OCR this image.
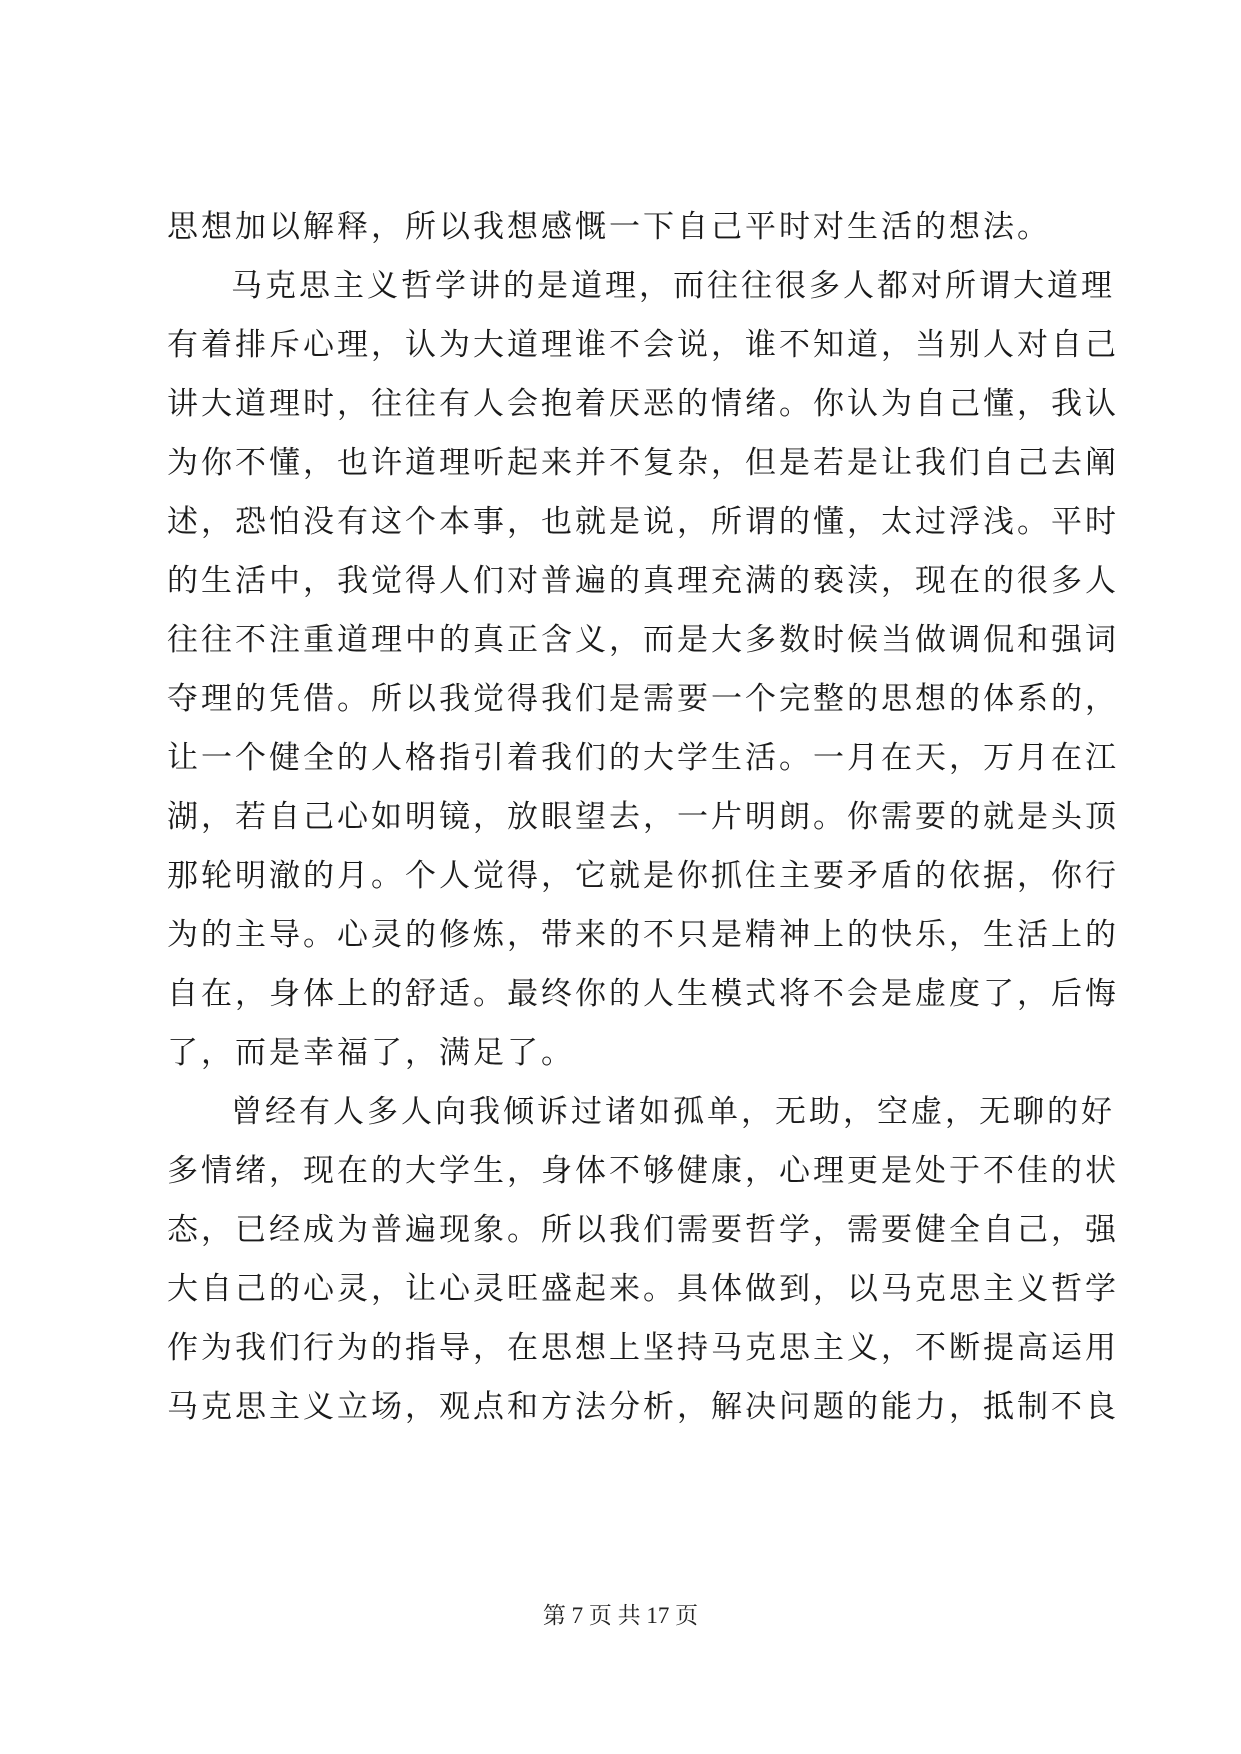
思想加以解释，所以我想感慨一下自己平时对生活的想法。
马克思主义哲学讲的是道理，而往往很多人都对所谓大道理
有着排斥心理，认为大道理谁不会说，谁不知道，当别人对自己
讲大道理时，往往有人会抱着厌恶的情绪。你认为自己懂，我认
为你不懂，也许道理听起来并不复杂，但是若是让我们自己去阐
述，恐怕没有这个本事，也就是说，所谓的懂，太过浮浅。平时
的生活中，我觉得人们对普遍的真理充满的亵渎，现在的很多人
往往不注重道理中的真正含义，而是大多数时候当做调侃和强词
夺理的凭借。所以我觉得我们是需要一个完整的思想的体系的，
让一个健全的人格指引着我们的大学生活。一月在天，万月在江
湖，若自己心如明镜，放眼望去，一片明朗。你需要的就是头顶
那轮明澈的月。个人觉得，它就是你抓住主要矛盾的依据，你行
为的主导。心灵的修炼，带来的不只是精神上的快乐，生活上的
自在，身体上的舒适。最终你的人生模式将不会是虚度了，后悔
了，而是幸福了，满足了。
曾经有人多人向我倾诉过诸如孤单，无助，空虚，无聊的好
多情绪，现在的大学生，身体不够健康，心理更是处于不佳的状
态，已经成为普遍现象。所以我们需要哲学，需要健全自己，强
大自己的心灵，让心灵旺盛起来。具体做到，以马克思主义哲学
作为我们行为的指导，在思想上坚持马克思主义，不断提高运用
马克思主义立场，观点和方法分析，解决问题的能力，抵制不良
第 7 页 共 17 页
